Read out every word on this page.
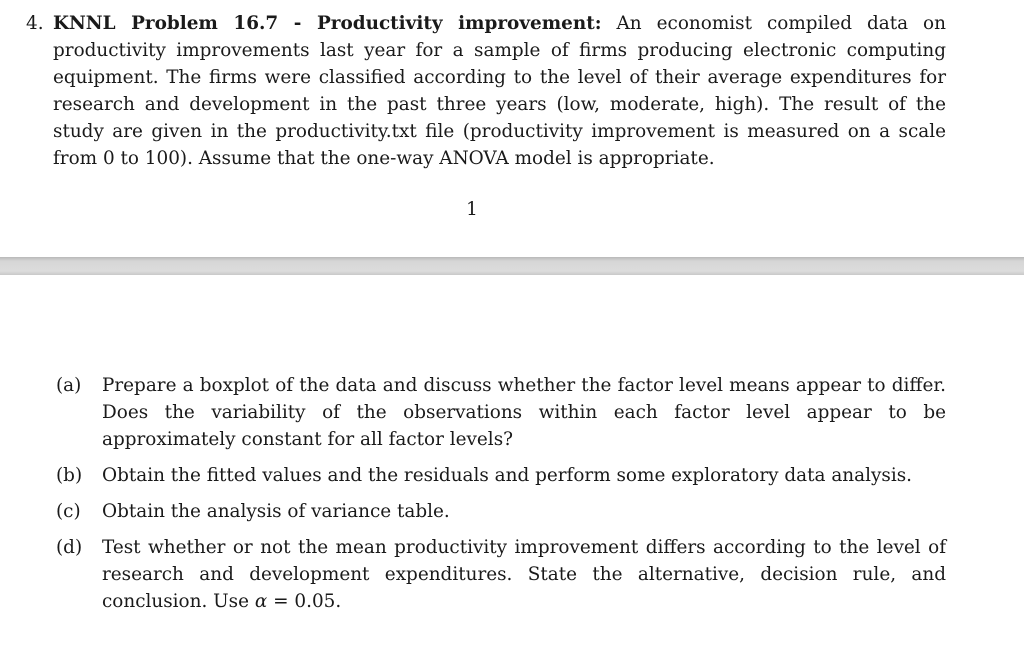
4. KNNL Problem 16.7 - Productivity improvement: An economist compiled data on productivity improvements last year for a sample of firms producing electronic computing equipment. The firms were classified according to the level of their average expenditures for research and development in the past three years (low, moderate, high). The result of the study are given in the productivity.txt file (productivity improvement is measured on a scale from 0 to 100). Assume that the one-way ANOVA model is appropriate.
1
(a) Prepare a boxplot of the data and discuss whether the factor level means appear to differ. Does the variability of the observations within each factor level appear to be approximately constant for all factor levels?
(b) Obtain the fitted values and the residuals and perform some exploratory data analysis.
(c) Obtain the analysis of variance table.
(d) Test whether or not the mean productivity improvement differs according to the level of research and development expenditures. State the alternative, decision rule, and conclusion. Use α = 0.05.
